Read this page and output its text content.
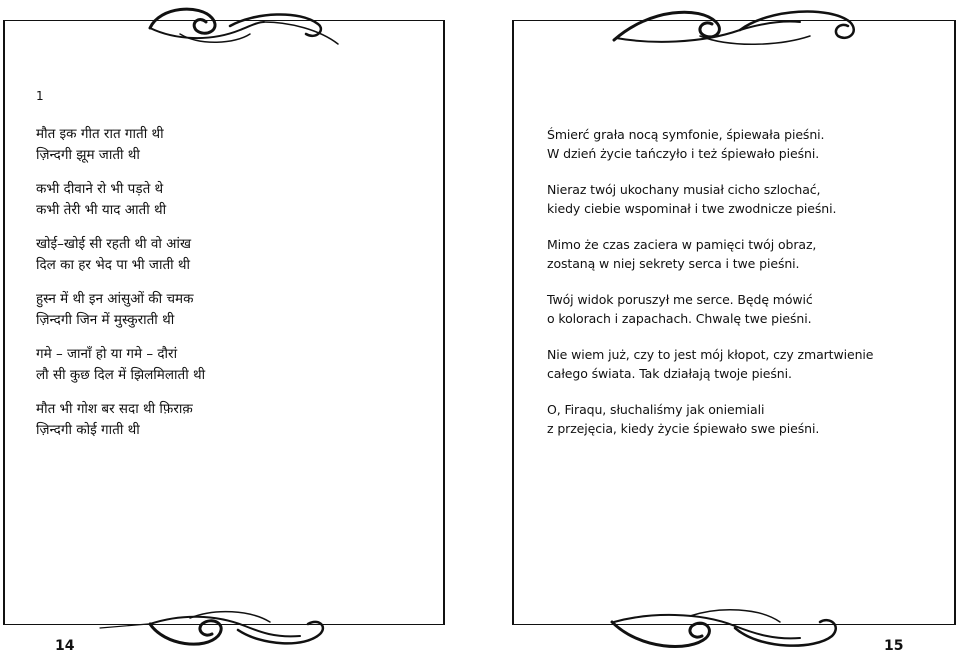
14	15
1
मौत इक गीत रात गाती थी
ज़िन्दगी झूम जाती थी
कभी दीवाने रो भी पड़ते थे
कभी तेरी भी याद आती थी
खोई–खोई सी रहती थी वो आंख
दिल का हर भेद पा भी जाती थी
हुस्न में थी इन आंसुओं की चमक
ज़िन्दगी जिन में मुस्कुराती थी
गमे – जानाँ हो या गमे – दौरां
लौ सी कुछ दिल में झिलमिलाती थी
मौत भी गोश बर सदा थी फ़िराक़
ज़िन्दगी कोई गाती थी
Śmierć grała nocą symfonie, śpiewała pieśni.
W dzień życie tańczyło i też śpiewało pieśni.
Nieraz twój ukochany musiał cicho szlochać,
kiedy ciebie wspominał i twe zwodnicze pieśni.
Mimo że czas zaciera w pamięci twój obraz,
zostaną w niej sekrety serca i twe pieśni.
Twój widok poruszył me serce. Będę mówić
o kolorach i zapachach. Chwalę twe pieśni.
Nie wiem już, czy to jest mój kłopot, czy zmartwienie
całego świata. Tak działają twoje pieśni.
O, Firaqu, słuchaliśmy jak oniemiali
z przejęcia, kiedy życie śpiewało swe pieśni.
